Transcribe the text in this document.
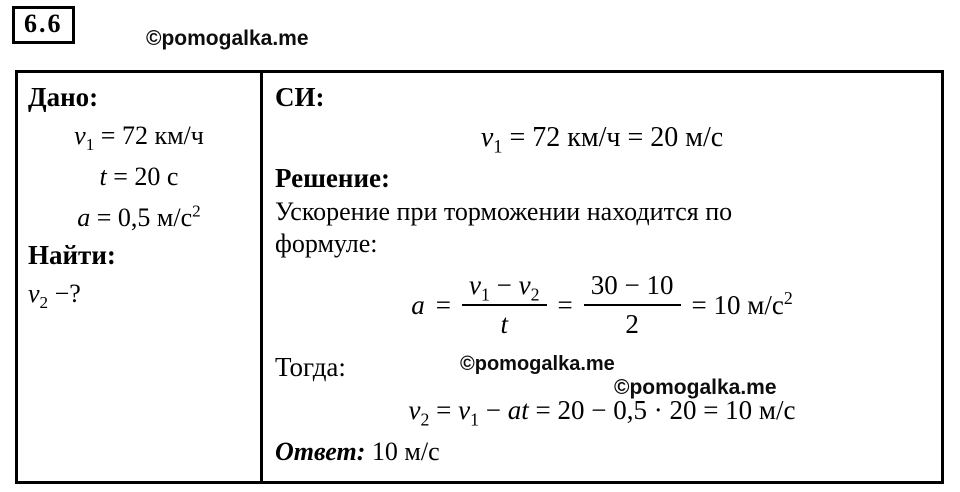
6.6
©pomogalka.me
Дано:
$v_1 = 72$ км/ч
t = 20 с
a = 0,5 $м/с^2$
Найти:
$v_2$ −?
СИ:
$v_1 = 72$ км/ч = 20 м/с
Решение:
Ускорение при торможении находится по
формуле:
$a = \frac{v_1 - v_2}{t} = \frac{30 - 10}{2} = 10$ $м/с^2$
Тогда:
$v_2 = v_1$ − at = 20 − 0,5 · 20 = 10 м/с
Ответ: 10 м/с
©pomogalka.me
©pomogalka.me
